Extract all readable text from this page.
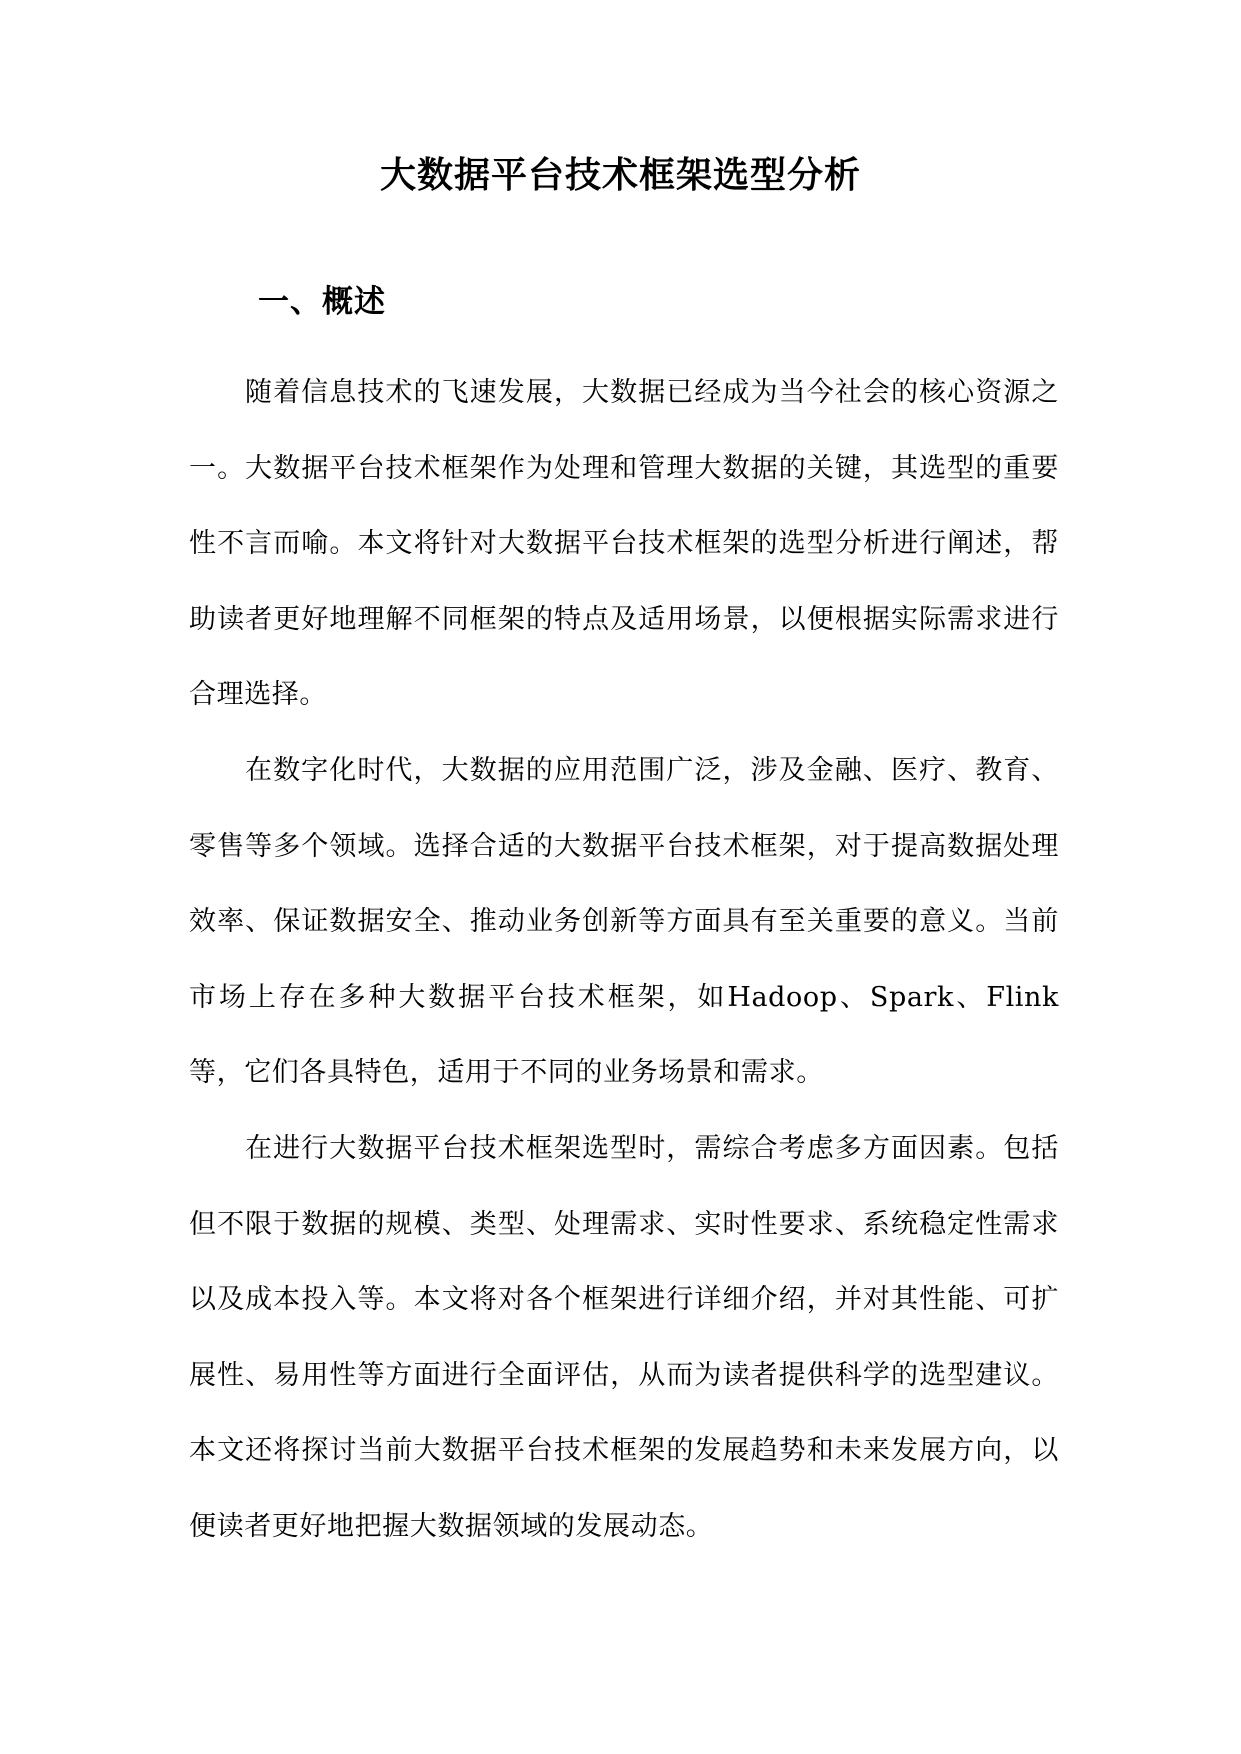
大数据平台技术框架选型分析
一、概述

随着信息技术的飞速发展，大数据已经成为当今社会的核心资源之一。大数据平台技术框架作为处理和管理大数据的关键，其选型的重要性不言而喻。本文将针对大数据平台技术框架的选型分析进行阐述，帮助读者更好地理解不同框架的特点及适用场景，以便根据实际需求进行合理选择。

在数字化时代，大数据的应用范围广泛，涉及金融、医疗、教育、零售等多个领域。选择合适的大数据平台技术框架，对于提高数据处理效率、保证数据安全、推动业务创新等方面具有至关重要的意义。当前市场上存在多种大数据平台技术框架，如Hadoop、Spark、Flink等，它们各具特色，适用于不同的业务场景和需求。

在进行大数据平台技术框架选型时，需综合考虑多方面因素。包括但不限于数据的规模、类型、处理需求、实时性要求、系统稳定性需求以及成本投入等。本文将对各个框架进行详细介绍，并对其性能、可扩展性、易用性等方面进行全面评估，从而为读者提供科学的选型建议。本文还将探讨当前大数据平台技术框架的发展趋势和未来发展方向，以便读者更好地把握大数据领域的发展动态。
